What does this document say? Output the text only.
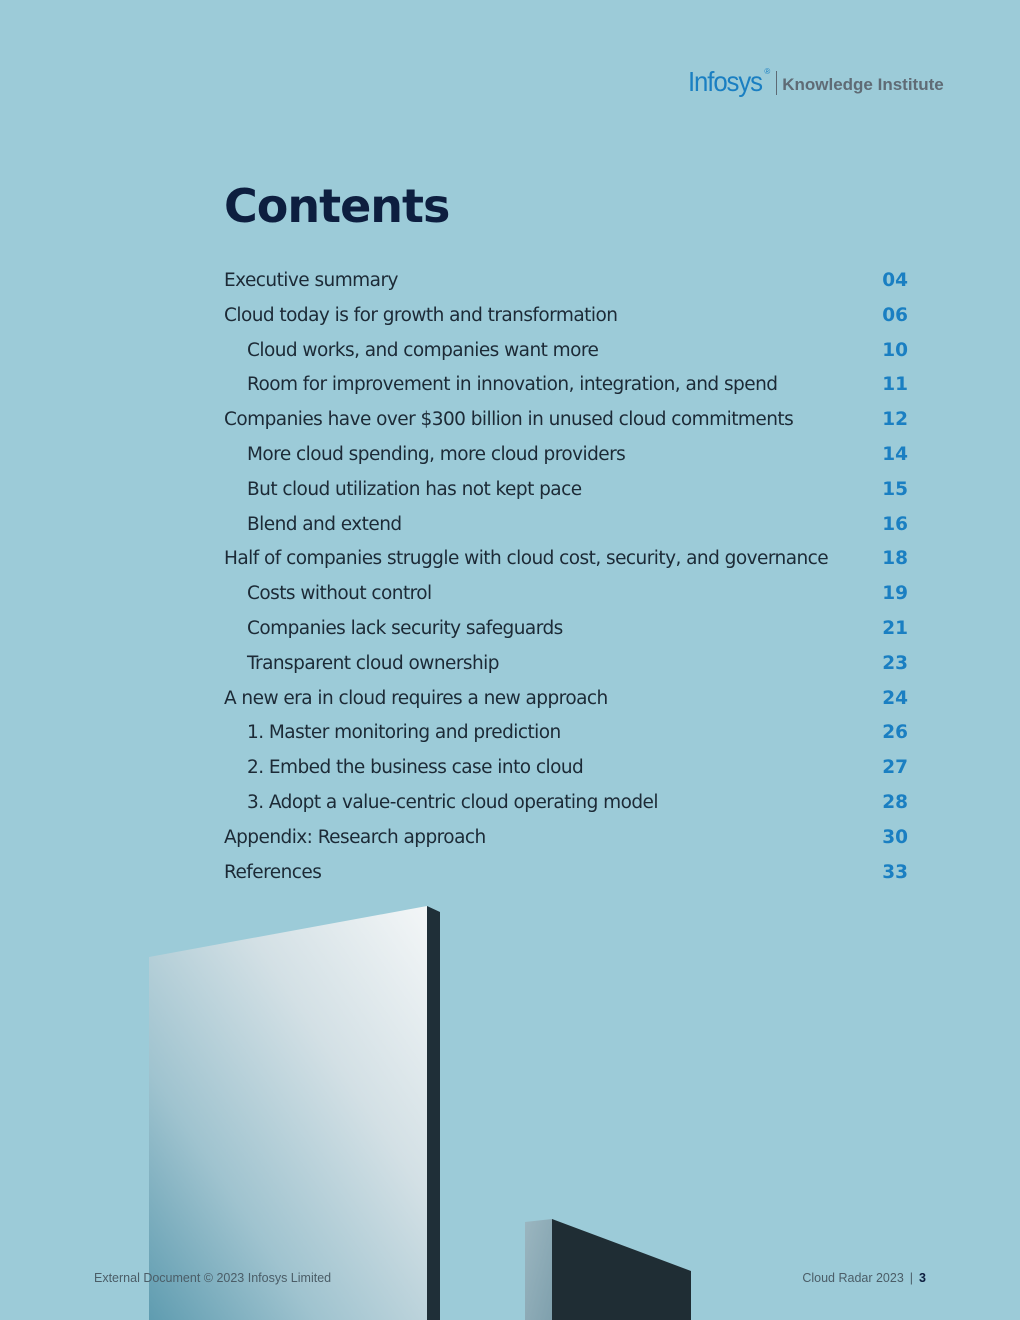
Infosys ®
Knowledge Institute
Contents
Executive summary	04
Cloud today is for growth and transformation	06
Cloud works, and companies want more	10
Room for improvement in innovation, integration, and spend	11
Companies have over $300 billion in unused cloud commitments	12
More cloud spending, more cloud providers	14
But cloud utilization has not kept pace	15
Blend and extend	16
Half of companies struggle with cloud cost, security, and governance	18
Costs without control	19
Companies lack security safeguards	21
Transparent cloud ownership	23
A new era in cloud requires a new approach	24
1. Master monitoring and prediction	26
2. Embed the business case into cloud	27
3. Adopt a value-centric cloud operating model	28
Appendix: Research approach	30
References	33
External Document © 2023 Infosys Limited	Cloud Radar 2023 | 3
